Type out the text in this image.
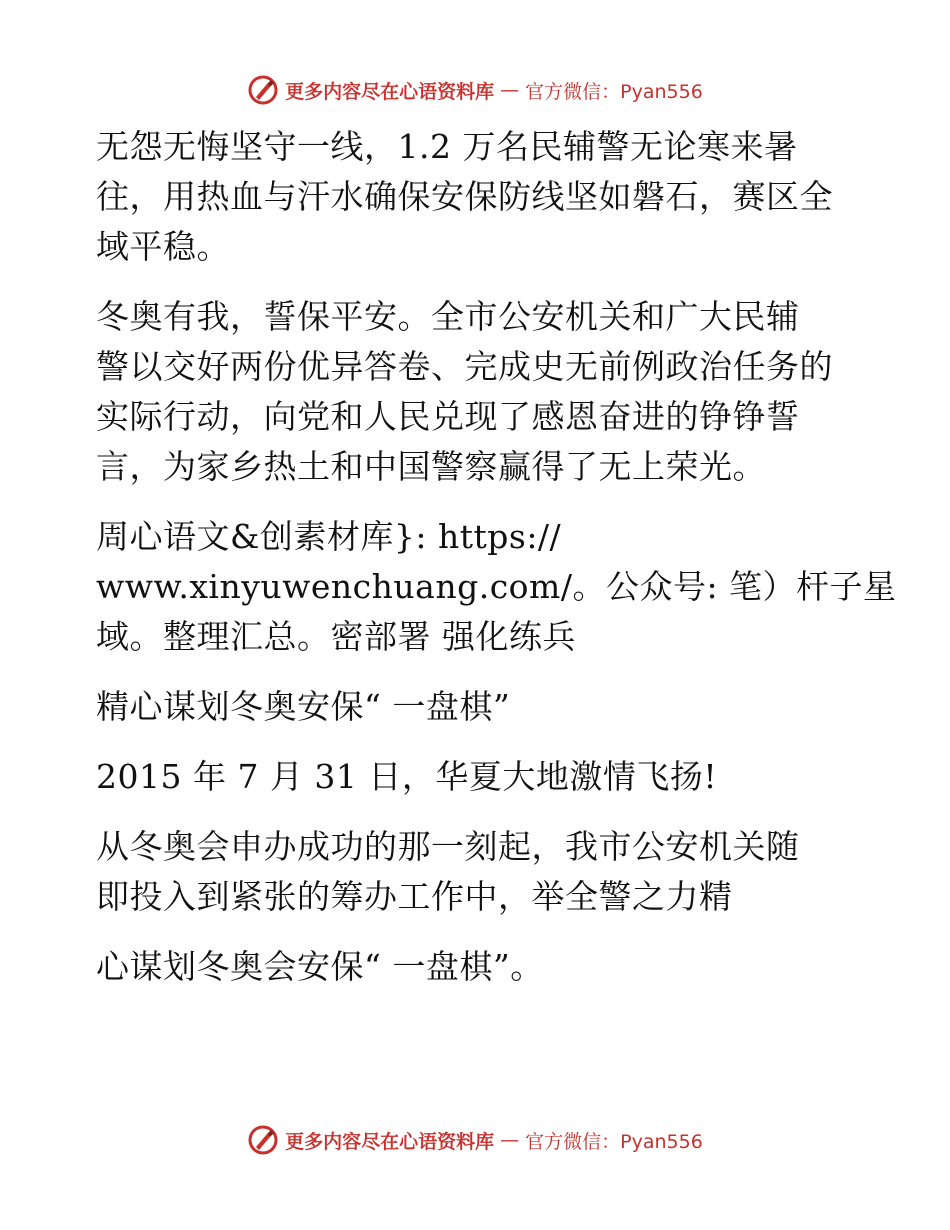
更多内容尽在心语资料库 — 官方微信：Pyan556
无怨无悔坚守一线，1.2 万名民辅警无论寒来暑
往，用热血与汗水确保安保防线坚如磐石，赛区全
域平稳。
冬奥有我，誓保平安。全市公安机关和广大民辅
警以交好两份优异答卷、完成史无前例政治任务的
实际行动，向党和人民兑现了感恩奋进的铮铮誓
言，为家乡热土和中国警察赢得了无上荣光。
周心语文&创素材库}: https://
www.xinyuwenchuang.com/。公众号: 笔）杆子星
域。整理汇总。密部署 强化练兵
精心谋划冬奥安保“ 一盘棋”
2015 年 7 月 31 日，华夏大地激情飞扬!
从冬奥会申办成功的那一刻起，我市公安机关随
即投入到紧张的筹办工作中，举全警之力精
心谋划冬奥会安保“ 一盘棋”。
更多内容尽在心语资料库 — 官方微信：Pyan556
